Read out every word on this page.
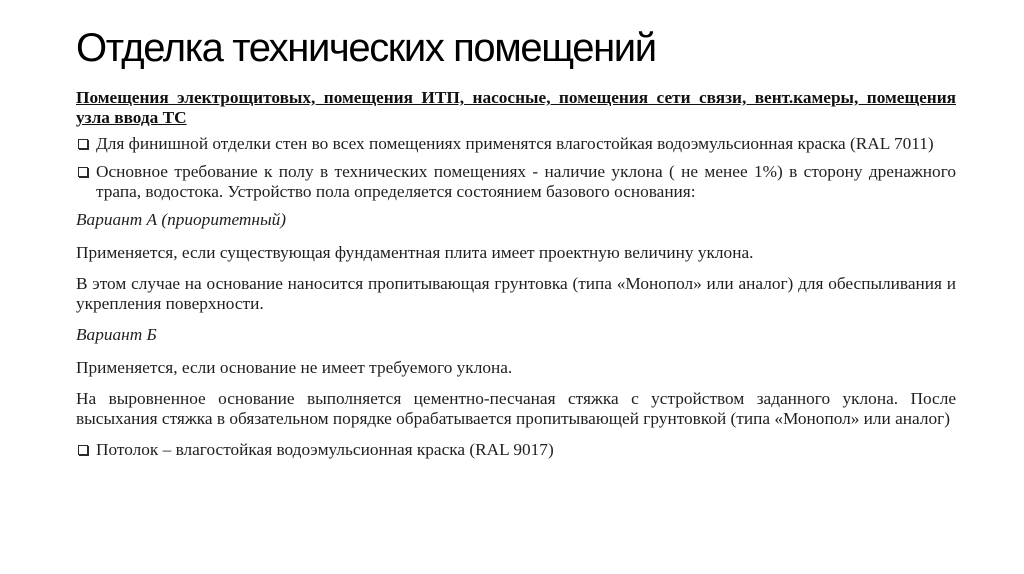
Отделка технических помещений
Помещения электрощитовых, помещения ИТП, насосные, помещения сети связи, вент.камеры, помещения узла ввода ТС
Для финишной отделки стен во всех помещениях применятся влагостойкая водоэмульсионная краска (RAL 7011)
Основное требование к полу в технических помещениях - наличие уклона ( не менее 1%) в сторону дренажного трапа, водостока. Устройство пола определяется состоянием базового основания:
Вариант А (приоритетный)
Применяется, если существующая фундаментная плита имеет проектную величину уклона.
В этом случае на основание наносится пропитывающая грунтовка (типа «Монопол» или аналог) для обеспыливания и укрепления поверхности.
Вариант Б
Применяется, если основание не имеет требуемого уклона.
На выровненное основание выполняется цементно-песчаная стяжка с устройством заданного уклона. После высыхания стяжка в обязательном порядке обрабатывается пропитывающей грунтовкой (типа «Монопол» или аналог)
Потолок – влагостойкая водоэмульсионная краска (RAL 9017)
